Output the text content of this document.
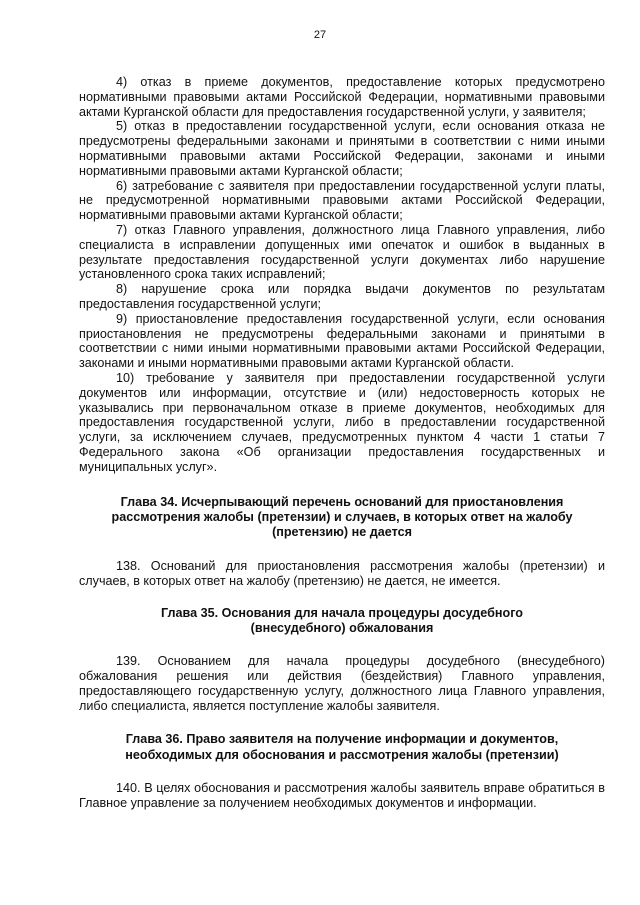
27

4) отказ в приеме документов, предоставление которых предусмотрено нормативными правовыми актами Российской Федерации, нормативными правовыми актами Курганской области для предоставления государственной услуги, у заявителя;

5) отказ в предоставлении государственной услуги, если основания отказа не предусмотрены федеральными законами и принятыми в соответствии с ними иными нормативными правовыми актами Российской Федерации, законами и иными нормативными правовыми актами Курганской области;

6) затребование с заявителя при предоставлении государственной услуги платы, не предусмотренной нормативными правовыми актами Российской Федерации, нормативными правовыми актами Курганской области;

7) отказ Главного управления, должностного лица Главного управления, либо специалиста в исправлении допущенных ими опечаток и ошибок в выданных в результате предоставления государственной услуги документах либо нарушение установленного срока таких исправлений;

8) нарушение срока или порядка выдачи документов по результатам предоставления государственной услуги;

9) приостановление предоставления государственной услуги, если основания приостановления не предусмотрены федеральными законами и принятыми в соответствии с ними иными нормативными правовыми актами Российской Федерации, законами и иными нормативными правовыми актами Курганской области.

10) требование у заявителя при предоставлении государственной услуги документов или информации, отсутствие и (или) недостоверность которых не указывались при первоначальном отказе в приеме документов, необходимых для предоставления государственной услуги, либо в предоставлении государственной услуги, за исключением случаев, предусмотренных пунктом 4 части 1 статьи 7 Федерального закона «Об организации предоставления государственных и муниципальных услуг».

Глава 34. Исчерпывающий перечень оснований для приостановления
рассмотрения жалобы (претензии) и случаев, в которых ответ на жалобу
(претензию) не дается

138. Оснований для приостановления рассмотрения жалобы (претензии) и случаев, в которых ответ на жалобу (претензию) не дается, не имеется.

Глава 35. Основания для начала процедуры досудебного
(внесудебного) обжалования

139. Основанием для начала процедуры досудебного (внесудебного) обжалования решения или действия (бездействия) Главного управления, предоставляющего государственную услугу, должностного лица Главного управления, либо специалиста, является поступление жалобы заявителя.

Глава 36. Право заявителя на получение информации и документов,
необходимых для обоснования и рассмотрения жалобы (претензии)

140. В целях обоснования и рассмотрения жалобы заявитель вправе обратиться в Главное управление за получением необходимых документов и информации.
